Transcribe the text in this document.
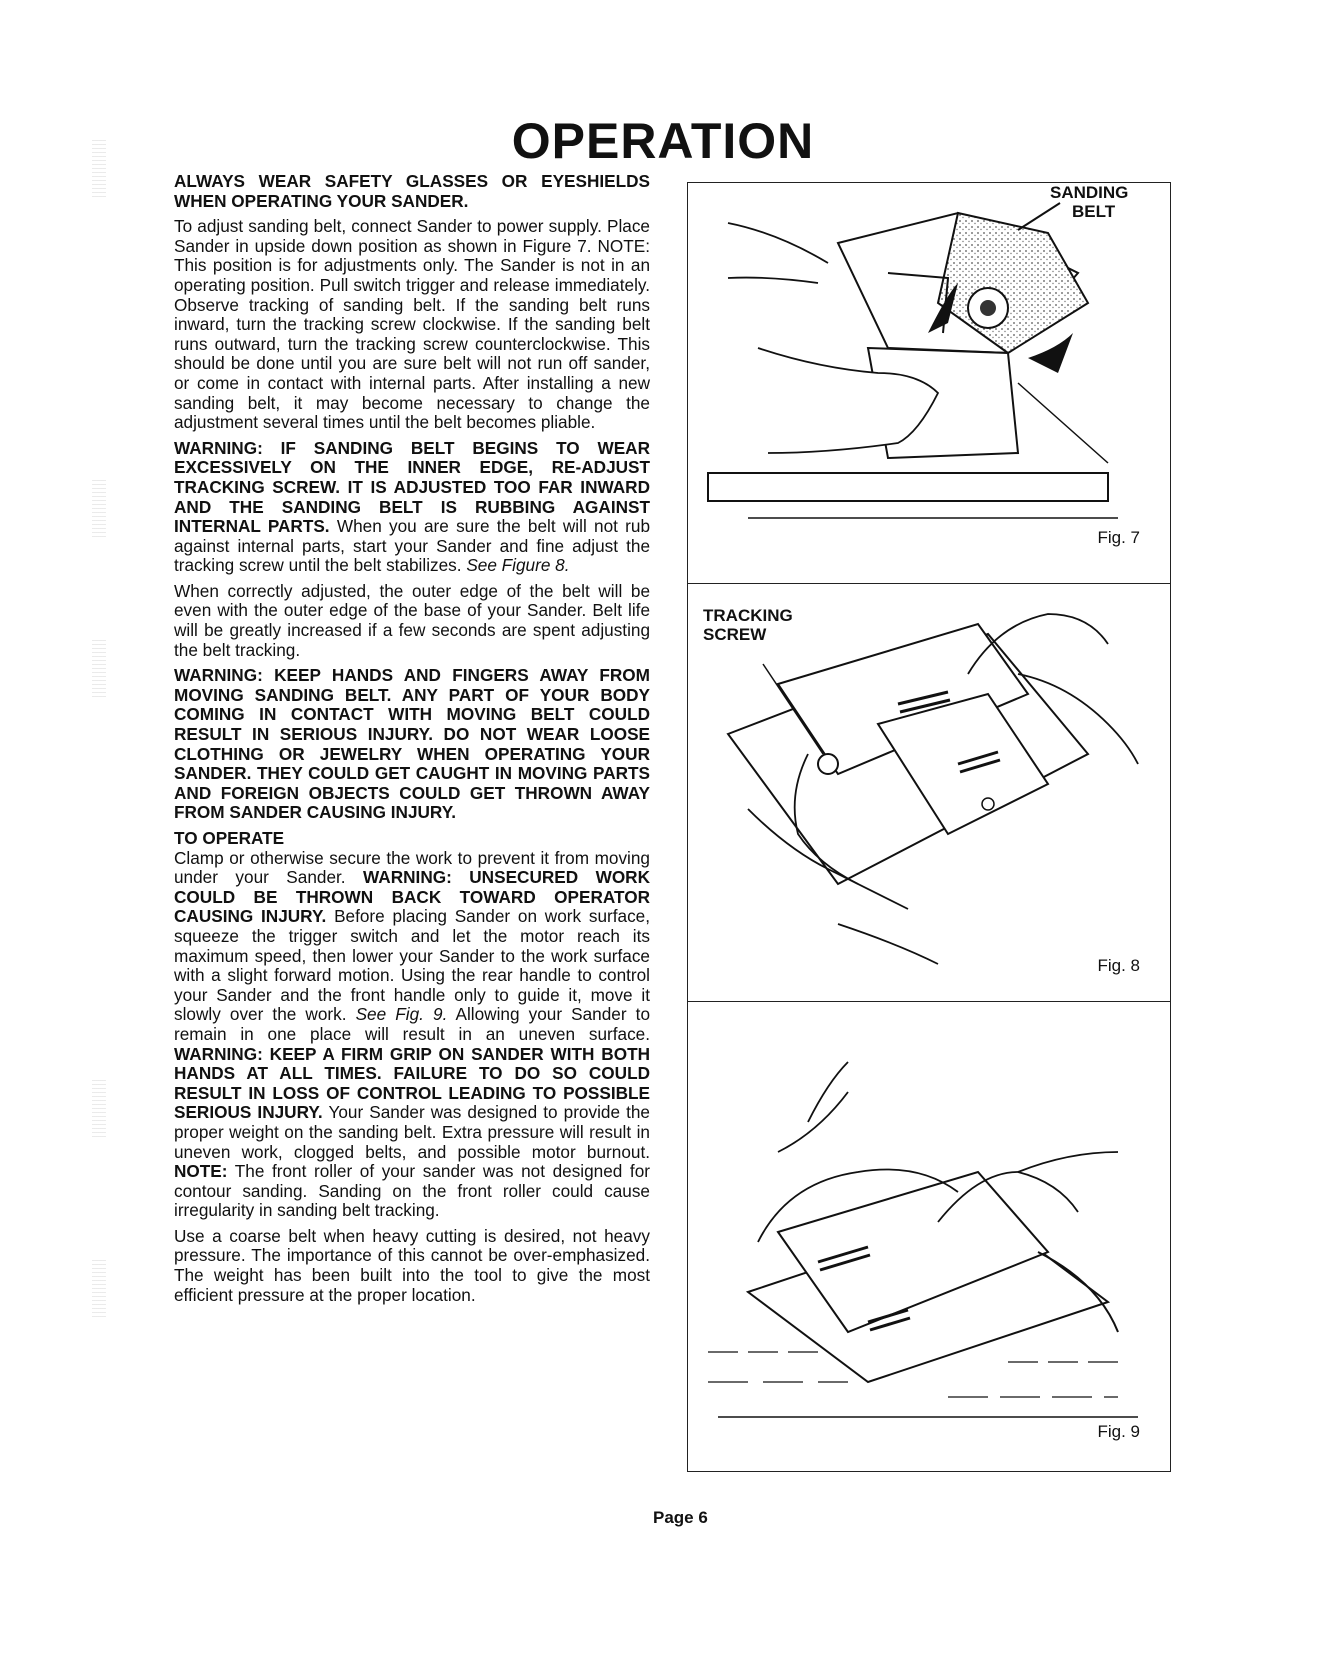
OPERATION

ALWAYS WEAR SAFETY GLASSES OR EYESHIELDS WHEN OPERATING YOUR SANDER.

To adjust sanding belt, connect Sander to power supply. Place Sander in upside down position as shown in Figure 7. NOTE: This position is for adjustments only. The Sander is not in an operating position. Pull switch trigger and release immediately. Observe tracking of sanding belt. If the sanding belt runs inward, turn the tracking screw clockwise. If the sanding belt runs outward, turn the tracking screw counterclockwise. This should be done until you are sure belt will not run off sander, or come in contact with internal parts. After installing a new sanding belt, it may become necessary to change the adjustment several times until the belt becomes pliable.

WARNING: IF SANDING BELT BEGINS TO WEAR EXCESSIVELY ON THE INNER EDGE, RE-ADJUST TRACKING SCREW. IT IS ADJUSTED TOO FAR INWARD AND THE SANDING BELT IS RUBBING AGAINST INTERNAL PARTS. When you are sure the belt will not rub against internal parts, start your Sander and fine adjust the tracking screw until the belt stabilizes. See Figure 8.

When correctly adjusted, the outer edge of the belt will be even with the outer edge of the base of your Sander. Belt life will be greatly increased if a few seconds are spent adjusting the belt tracking.

WARNING: KEEP HANDS AND FINGERS AWAY FROM MOVING SANDING BELT. ANY PART OF YOUR BODY COMING IN CONTACT WITH MOVING BELT COULD RESULT IN SERIOUS INJURY. DO NOT WEAR LOOSE CLOTHING OR JEWELRY WHEN OPERATING YOUR SANDER. THEY COULD GET CAUGHT IN MOVING PARTS AND FOREIGN OBJECTS COULD GET THROWN AWAY FROM SANDER CAUSING INJURY.

TO OPERATE

Clamp or otherwise secure the work to prevent it from moving under your Sander. WARNING: UNSECURED WORK COULD BE THROWN BACK TOWARD OPERATOR CAUSING INJURY. Before placing Sander on work surface, squeeze the trigger switch and let the motor reach its maximum speed, then lower your Sander to the work surface with a slight forward motion. Using the rear handle to control your Sander and the front handle only to guide it, move it slowly over the work. See Fig. 9. Allowing your Sander to remain in one place will result in an uneven surface. WARNING: KEEP A FIRM GRIP ON SANDER WITH BOTH HANDS AT ALL TIMES. FAILURE TO DO SO COULD RESULT IN LOSS OF CONTROL LEADING TO POSSIBLE SERIOUS INJURY. Your Sander was designed to provide the proper weight on the sanding belt. Extra pressure will result in uneven work, clogged belts, and possible motor burnout. NOTE: The front roller of your sander was not designed for contour sanding. Sanding on the front roller could cause irregularity in sanding belt tracking.

Use a coarse belt when heavy cutting is desired, not heavy pressure. The importance of this cannot be over-emphasized. The weight has been built into the tool to give the most efficient pressure at the proper location.

Page 6
SANDING
BELT
Fig. 7
TRACKING
SCREW
Fig. 8
Fig. 9
